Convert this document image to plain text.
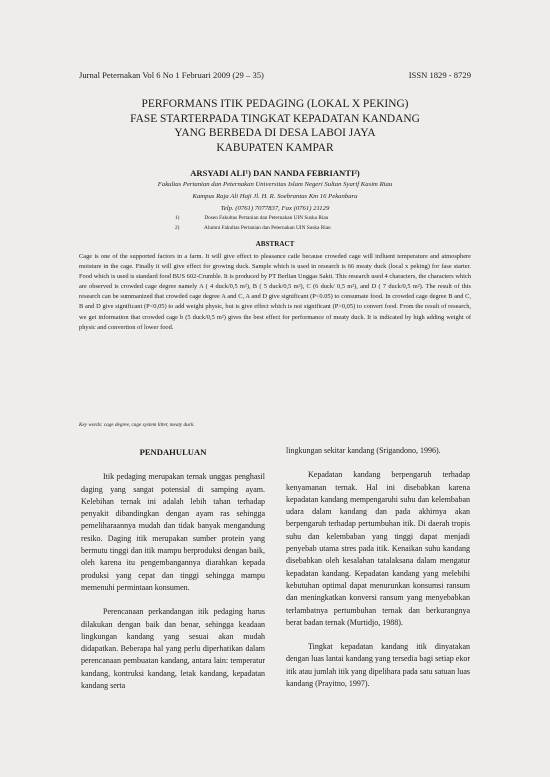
Jurnal Peternakan Vol 6 No 1 Februari 2009 (29 – 35)	ISSN 1829 - 8729
PERFORMANS ITIK PEDAGING (LOKAL X PEKING)
FASE STARTERPADA TINGKAT KEPADATAN KANDANG
YANG BERBEDA DI DESA LABOI JAYA
KABUPATEN KAMPAR
ARSYADI ALI¹) DAN NANDA FEBRIANTI²)
Fakultas Pertanian dan Peternakan Universitas Islam Negeri Sultan Syarif Kasim Riau
Kampus Raja Ali Haji Jl. H. R. Soebrantas Km 16 Pekanbaru
Telp. (0761) 7077837, Fax (0761) 21129
1)	Dosen Fakultas Pertanian dan Peternakan UIN Suska Riau
2)	Alumni Fakultas Pertanian dan Peternakan UIN Suska Riau
ABSTRACT

Cage is one of the supported factors in a farm. It will give effect to pleasance catle because crowded cage will influent temperature and atmosphere moisture in the cage. Finally it will give effect for growing duck. Sample which is used in research is 66 meaty duck (local x peking) for fase starter. Food which is used is standard food BUS 602-Crumble. It is produced by PT Berlian Unggas Sakti. This research used 4 characters, the characters which are observed is crowded cage degree namely A ( 4 duck/0,5 m²), B ( 5 duck/0,5 m²), C (6 duck/ 0,5 m²), and D ( 7 duck/0,5 m²). The result of this research can be summanized that crowded cage degree A and C, A and D give significant (P<0.05) to consumate food. In crowded cage degree B and C, B and D give significant (P<0,05) to add weight physic, but is give effect which is not significant (P>0,05) to convert food. From the result of research, we get information that crowded cage b (5 duck/0,5 m²) gives the best effect for performance of meaty duck. It is indicated by high adding weight of physic and convertion of lower food.

Key words: cage degree, cage system litter, meaty duck.

PENDAHULUAN

Itik pedaging merupakan ternak unggas penghasil daging yang sangat potensial di samping ayam. Kelebihan ternak ini adalah lebih tahan terhadap penyakit dibandingkan dengan ayam ras sehingga pemeliharaannya mudah dan tidak banyak mengandung resiko. Daging itik merupakan sumber protein yang bermutu tinggi dan itik mampu berproduksi dengan baik, oleh karena itu pengembangannya diarahkan kepada produksi yang cepat dan tinggi sehingga mampu memenuhi permintaan konsumen.

Perencanaan perkandangan itik pedaging harus dilakukan dengan baik dan benar, sehingga keadaan lingkungan kandang yang sesuai akan mudah didapatkan. Beberapa hal yang perlu diperhatikan dalam perencanaan pembuatan kandang, antara lain: temperatur kandang, kontruksi kandang, letak kandang, kepadatan kandang serta

lingkungan sekitar kandang (Srigandono, 1996).

Kepadatan kandang berpengaruh terhadap kenyamanan ternak. Hal ini disebabkan karena kepadatan kandang mempengaruhi suhu dan kelembaban udara dalam kandang dan pada akhirnya akan berpengaruh terhadap pertumbuhan itik. Di daerah tropis suhu dan kelembaban yang tinggi dapat menjadi penyebab utama stres pada itik. Kenaikan suhu kandang disebabkan oleh kesalahan tatalaksana dalam mengatur kepadatan kandang. Kepadatan kandang yang melebihi kebutuhan optimal dapat menurunkan konsumsi ransum dan meningkatkan konversi ransum yang menyebabkan terlambatnya pertumbuhan ternak dan berkurangnya berat badan ternak (Murtidjo, 1988).

Tingkat kepadatan kandang itik dinyatakan dengan luas lantai kandang yang tersedia bagi setiap ekor itik atau jumlah itik yang dipelihara pada satu satuan luas kandang (Prayitno, 1997).
